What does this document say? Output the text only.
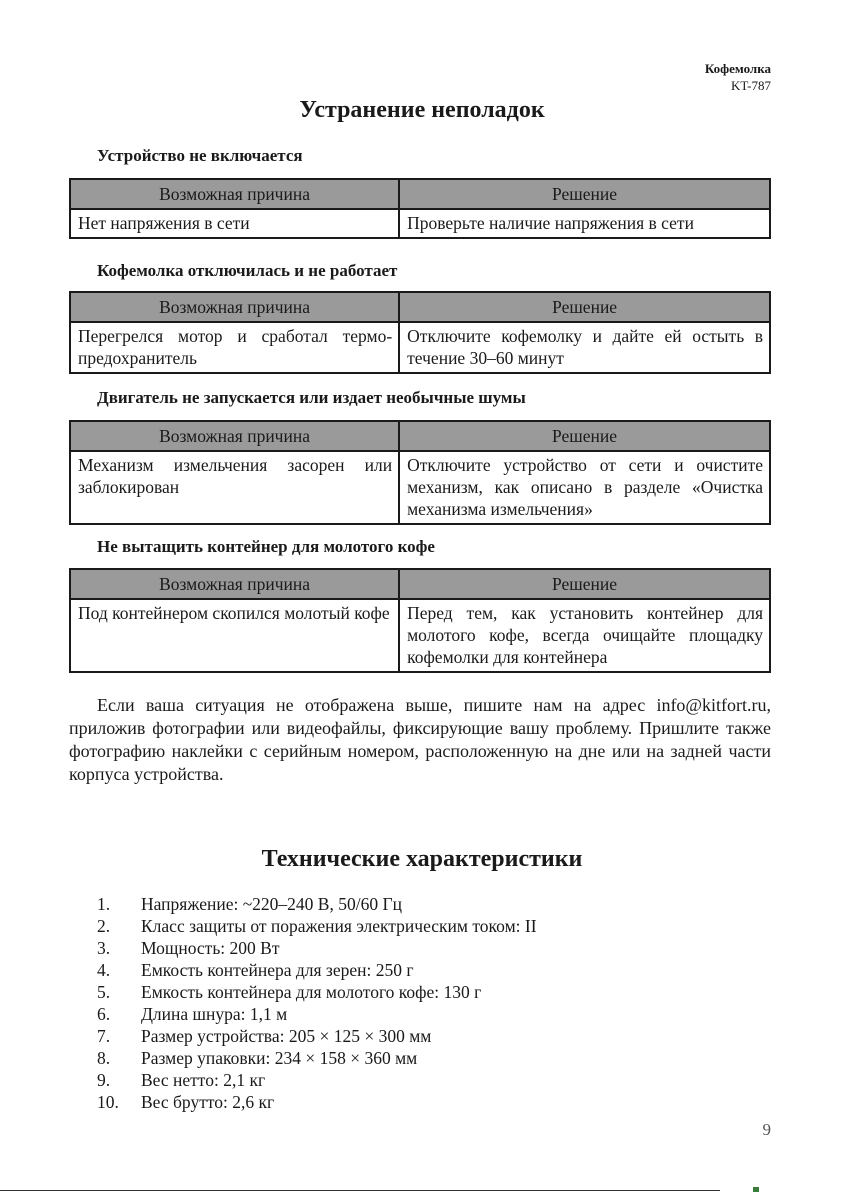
Кофемолка
KT-787
Устранение неполадок
Устройство не включается
Возможная причина	Решение
Нет напряжения в сети	Проверьте наличие напряжения в сети
Кофемолка отключилась и не работает
Возможная причина	Решение
Перегрелся мотор и сработал термопредохранитель	Отключите кофемолку и дайте ей остыть в течение 30–60 минут
Двигатель не запускается или издает необычные шумы
Возможная причина	Решение
Механизм измельчения засорен или заблокирован	Отключите устройство от сети и очистите механизм, как описано в разделе «Очистка механизма измельчения»
Не вытащить контейнер для молотого кофе
Возможная причина	Решение
Под контейнером скопился молотый кофе	Перед тем, как установить контейнер для молотого кофе, всегда очищайте площадку кофемолки для контейнера
Если ваша ситуация не отображена выше, пишите нам на адрес info@kitfort.ru, приложив фотографии или видеофайлы, фиксирующие вашу проблему. Пришлите также фотографию наклейки с серийным номером, расположенную на дне или на задней части корпуса устройства.
Технические характеристики
1.	Напряжение: ~220–240 В, 50/60 Гц
2.	Класс защиты от поражения электрическим током: II
3.	Мощность: 200 Вт
4.	Емкость контейнера для зерен: 250 г
5.	Емкость контейнера для молотого кофе: 130 г
6.	Длина шнура: 1,1 м
7.	Размер устройства: 205 × 125 × 300 мм
8.	Размер упаковки: 234 × 158 × 360 мм
9.	Вес нетто: 2,1 кг
10.	Вес брутто: 2,6 кг
9
